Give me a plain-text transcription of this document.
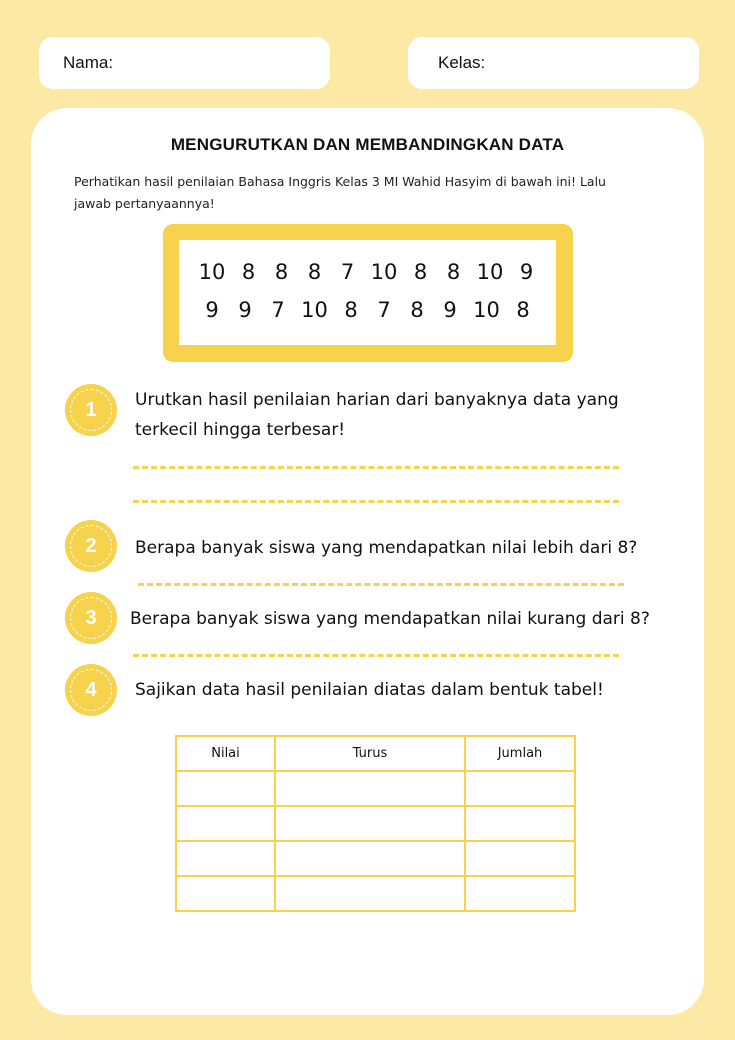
Nama:	Kelas:
MENGURUTKAN DAN MEMBANDINGKAN DATA
Perhatikan hasil penilaian Bahasa Inggris Kelas 3 MI Wahid Hasyim di bawah ini! Lalu jawab pertanyaannya!
10 8 8 8 7 10 8 8 10 9
9 9 7 10 8 7 8 9 10 8
1	Urutkan hasil penilaian harian dari banyaknya data yang terkecil hingga terbesar!
2	Berapa banyak siswa yang mendapatkan nilai lebih dari 8?
3	Berapa banyak siswa yang mendapatkan nilai kurang dari 8?
4	Sajikan data hasil penilaian diatas dalam bentuk tabel!
Nilai	Turus	Jumlah
